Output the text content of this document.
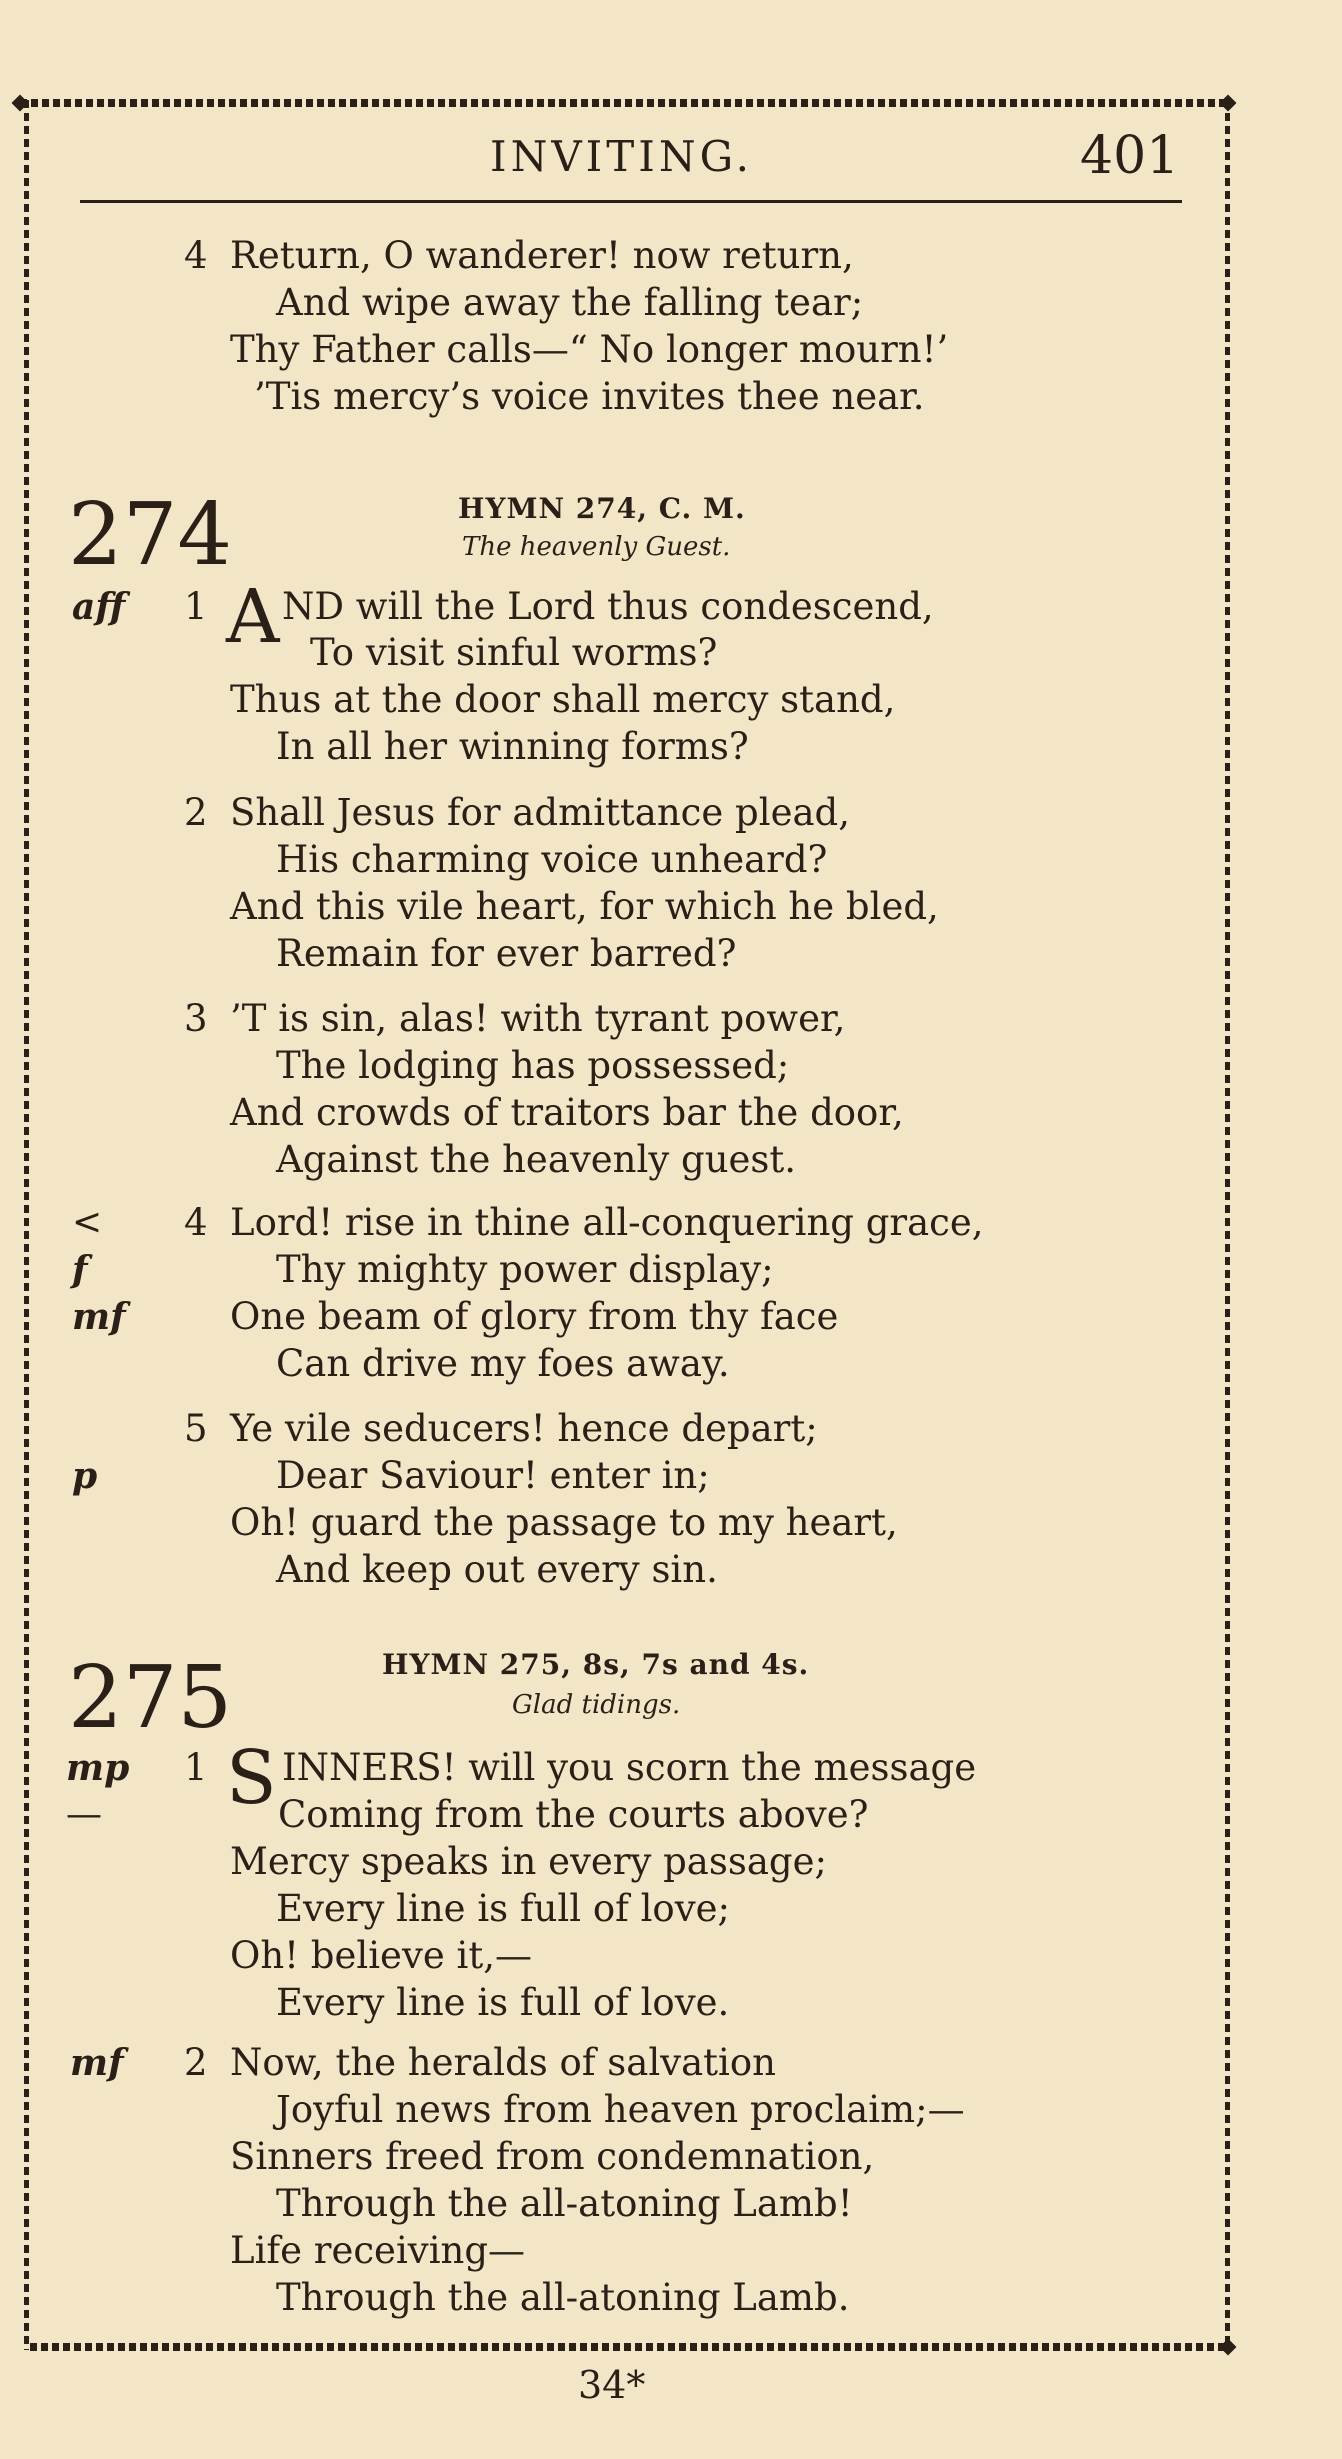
INVITING.	401
4 Return, O wanderer! now return,
And wipe away the falling tear;
Thy Father calls—“ No longer mourn!’
’Tis mercy’s voice invites thee near.
274	HYMN 274, C. M.
The heavenly Guest.
aff 1 A ND will the Lord thus condescend,
To visit sinful worms?
Thus at the door shall mercy stand,
In all her winning forms?
2 Shall Jesus for admittance plead,
His charming voice unheard?
And this vile heart, for which he bled,
Remain for ever barred?
3 ’T is sin, alas! with tyrant power,
The lodging has possessed;
And crowds of traitors bar the door,
Against the heavenly guest.
<
f
mf
4 Lord! rise in thine all-conquering grace,
Thy mighty power display;
One beam of glory from thy face
Can drive my foes away.
p
5 Ye vile seducers! hence depart;
Dear Saviour! enter in;
Oh! guard the passage to my heart,
And keep out every sin.
275	HYMN 275, 8s, 7s and 4s.
Glad tidings.
mp
—
1 S INNERS! will you scorn the message
Coming from the courts above?
Mercy speaks in every passage;
Every line is full of love;
Oh! believe it,—
Every line is full of love.
mf 2 Now, the heralds of salvation
Joyful news from heaven proclaim;—
Sinners freed from condemnation,
Through the all-atoning Lamb!
Life receiving—
Through the all-atoning Lamb.
34*
